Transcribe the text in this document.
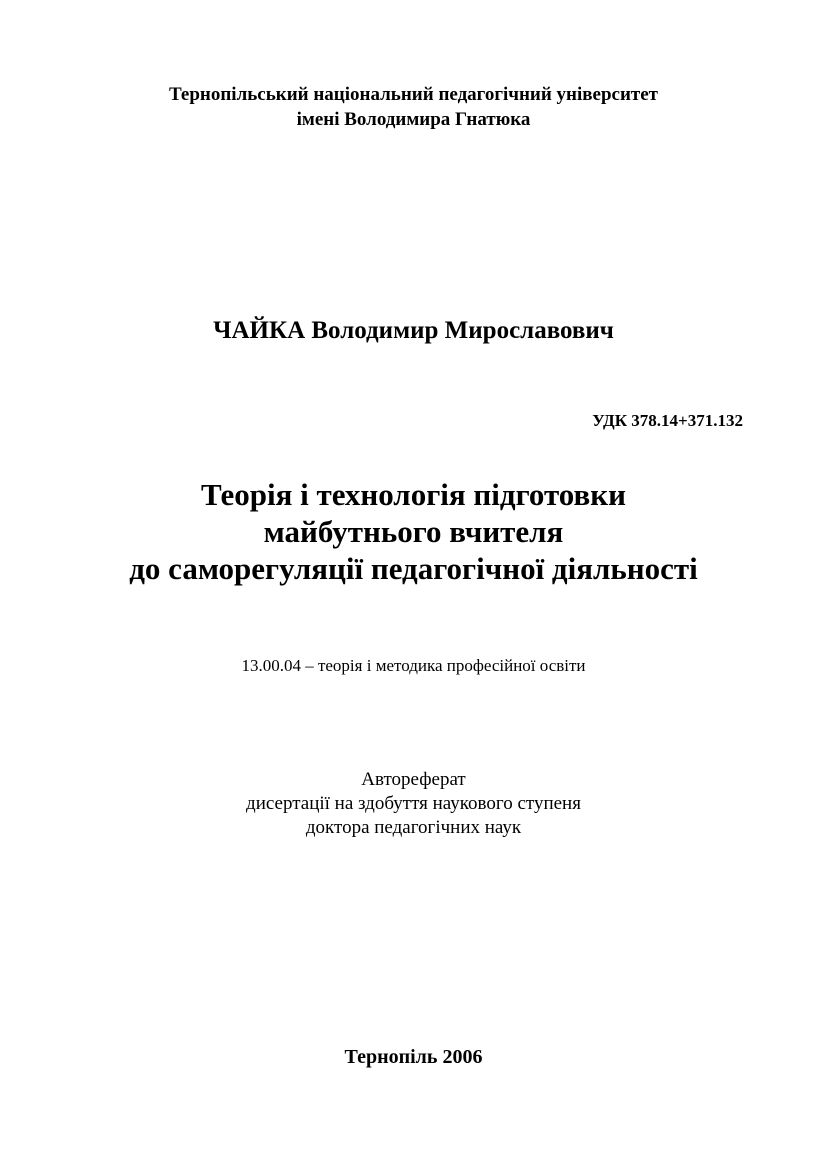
Тернопільський національний педагогічний університет
імені Володимира Гнатюка
ЧАЙКА Володимир Мирославович
УДК 378.14+371.132
Теорія і технологія підготовки
майбутнього вчителя
до саморегуляції педагогічної діяльності
13.00.04 – теорія і методика професійної освіти
Автореферат
дисертації на здобуття наукового ступеня
доктора педагогічних наук
Тернопіль 2006
